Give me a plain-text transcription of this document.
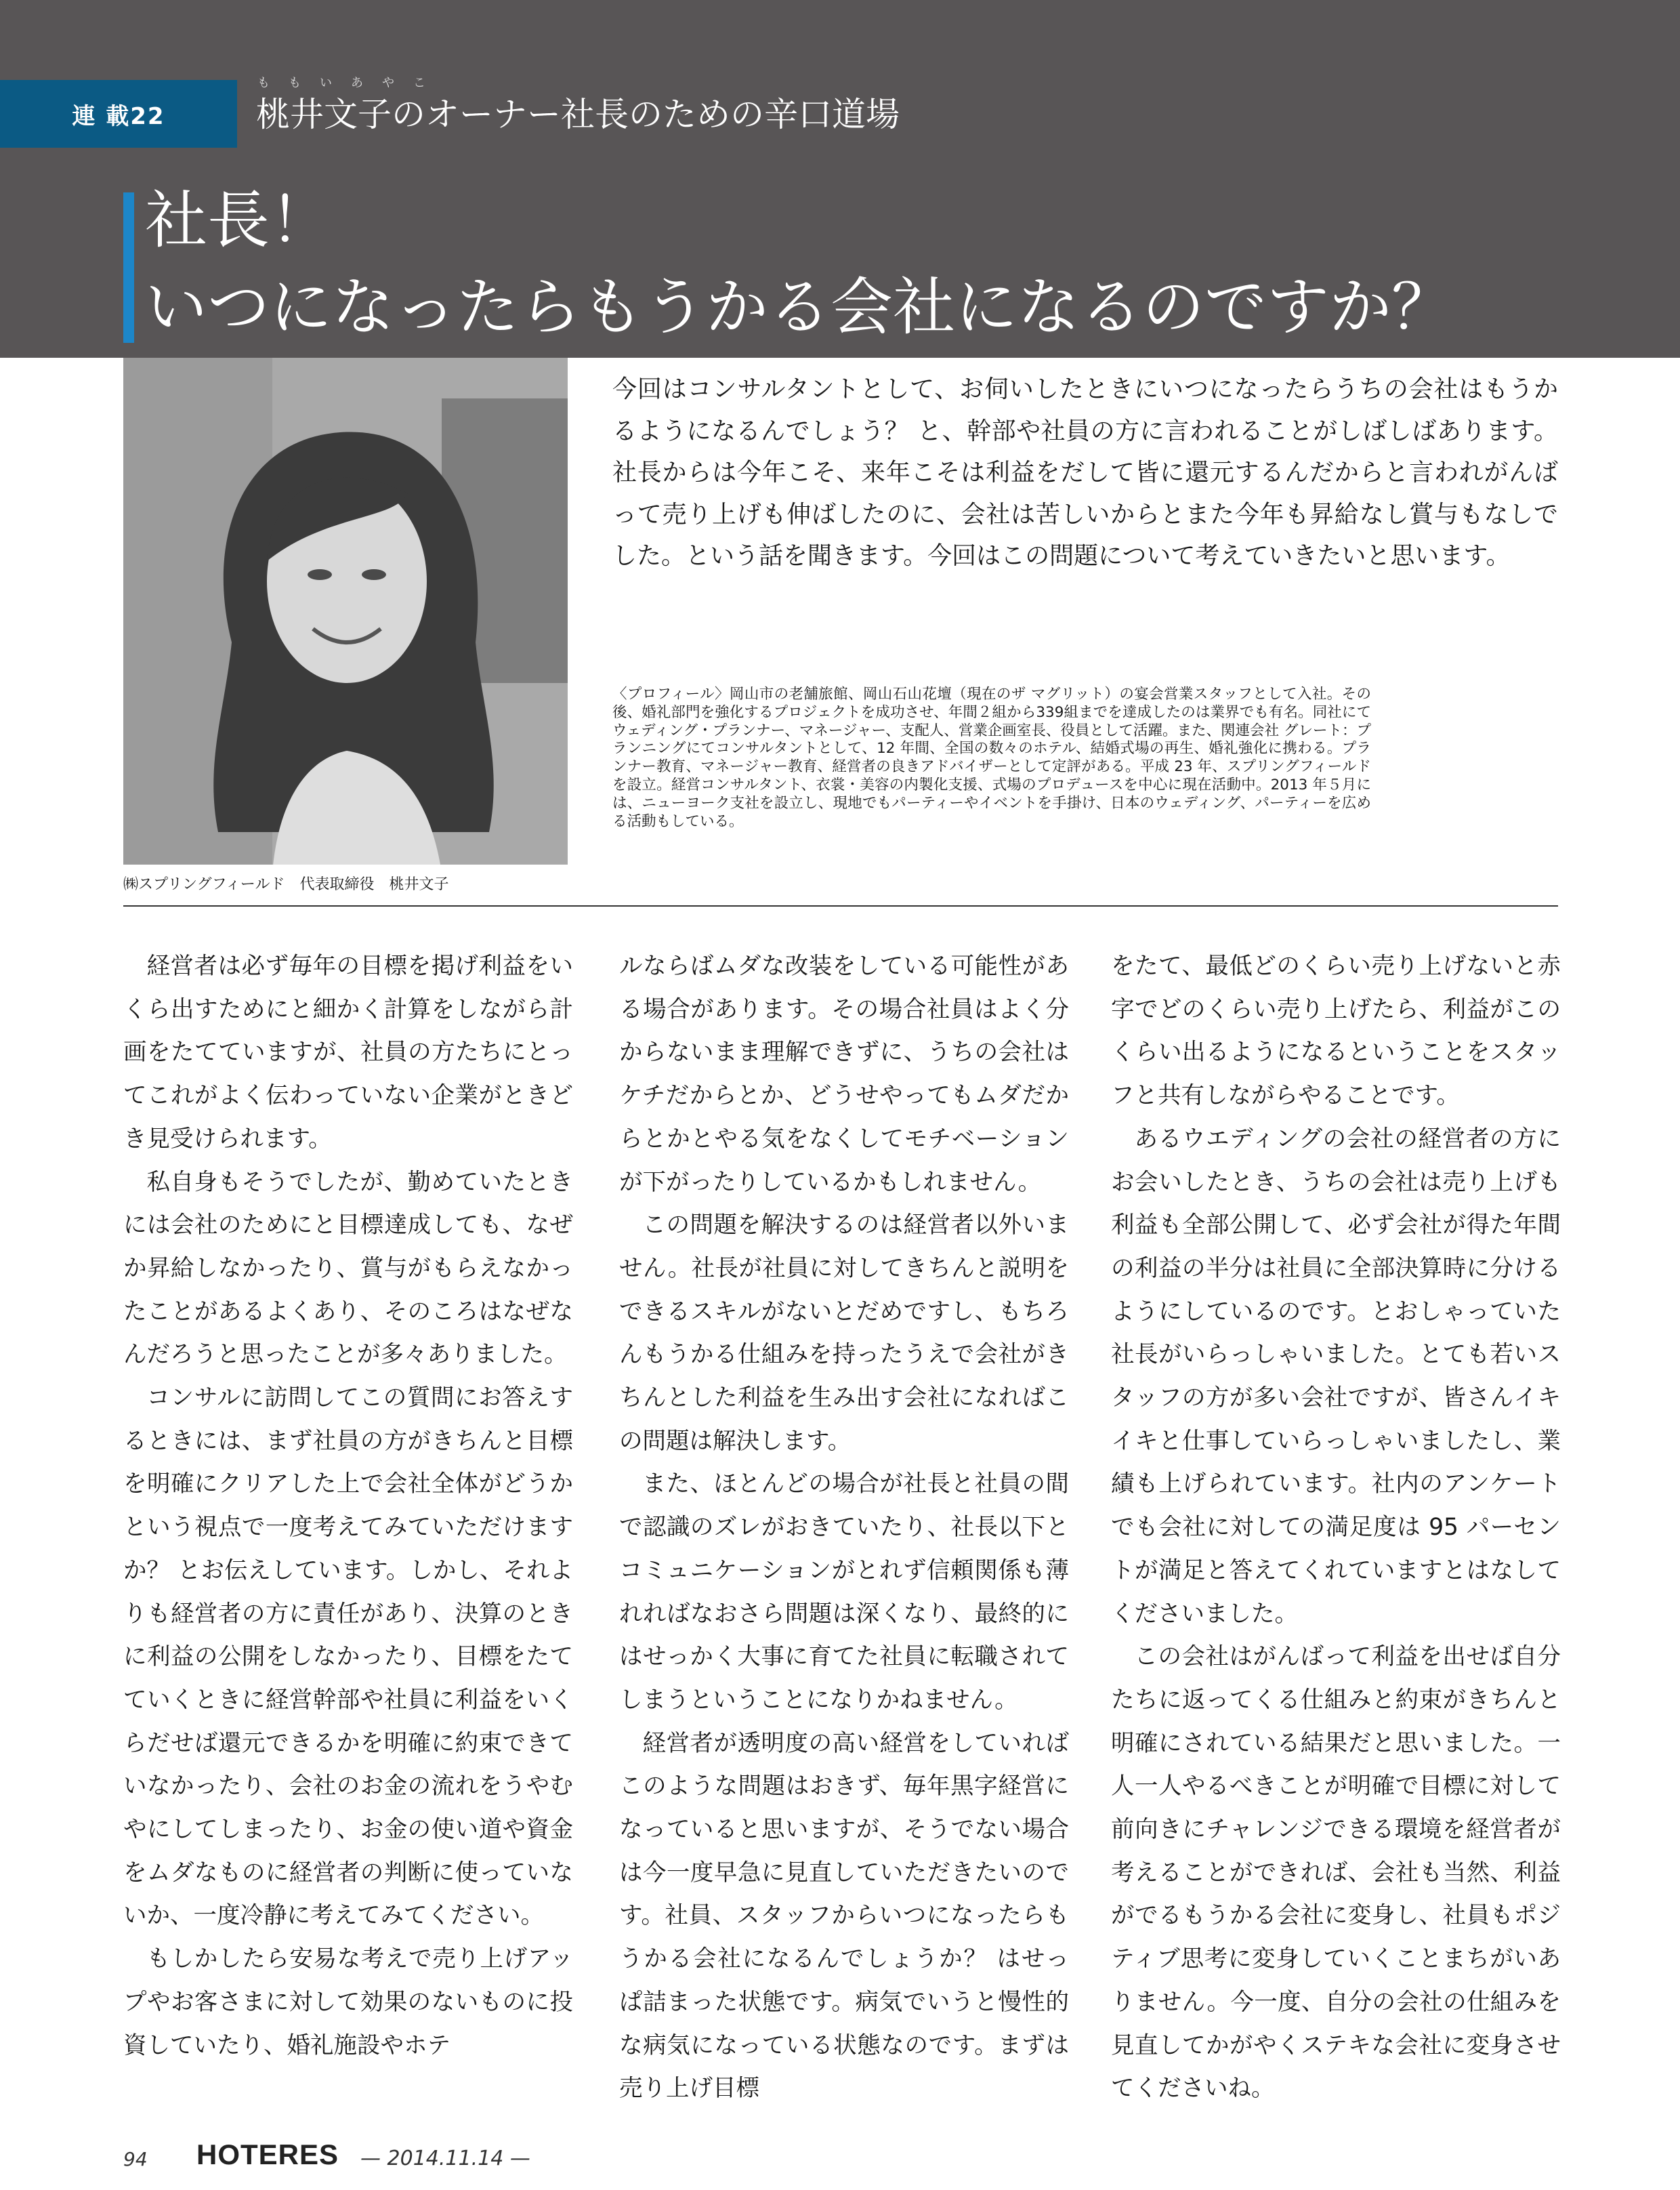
連 載22
ももいあやこ
桃井文子のオーナー社長のための辛口道場
社長！
いつになったらもうかる会社になるのですか？
㈱スプリングフィールド　代表取締役　桃井文子
今回はコンサルタントとして、お伺いしたときにいつになったらうちの会社はもうかるようになるんでしょう？ と、幹部や社員の方に言われることがしばしばあります。社長からは今年こそ、来年こそは利益をだして皆に還元するんだからと言われがんばって売り上げも伸ばしたのに、会社は苦しいからとまた今年も昇給なし賞与もなしでした。という話を聞きます。今回はこの問題について考えていきたいと思います。
〈プロフィール〉岡山市の老舗旅館、岡山石山花壇（現在のザ マグリット）の宴会営業スタッフとして入社。その後、婚礼部門を強化するプロジェクトを成功させ、年間２組から339組までを達成したのは業界でも有名。同社にてウェディング・プランナー、マネージャー、支配人、営業企画室長、役員として活躍。また、関連会社 グレート：プランニングにてコンサルタントとして、12 年間、全国の数々のホテル、結婚式場の再生、婚礼強化に携わる。プランナー教育、マネージャー教育、経営者の良きアドバイザーとして定評がある。平成 23 年、スプリングフィールドを設立。経営コンサルタント、衣裳・美容の内製化支援、式場のプロデュースを中心に現在活動中。2013 年５月には、ニューヨーク支社を設立し、現地でもパーティーやイベントを手掛け、日本のウェディング、パーティーを広める活動もしている。

経営者は必ず毎年の目標を掲げ利益をいくら出すためにと細かく計算をしながら計画をたてていますが、社員の方たちにとってこれがよく伝わっていない企業がときどき見受けられます。

私自身もそうでしたが、勤めていたときには会社のためにと目標達成しても、なぜか昇給しなかったり、賞与がもらえなかったことがあるよくあり、そのころはなぜなんだろうと思ったことが多々ありました。

コンサルに訪問してこの質問にお答えするときには、まず社員の方がきちんと目標を明確にクリアした上で会社全体がどうかという視点で一度考えてみていただけますか？ とお伝えしています。しかし、それよりも経営者の方に責任があり、決算のときに利益の公開をしなかったり、目標をたてていくときに経営幹部や社員に利益をいくらだせば還元できるかを明確に約束できていなかったり、会社のお金の流れをうやむやにしてしまったり、お金の使い道や資金をムダなものに経営者の判断に使っていないか、一度冷静に考えてみてください。

もしかしたら安易な考えで売り上げアップやお客さまに対して効果のないものに投資していたり、婚礼施設やホテ

ルならばムダな改装をしている可能性がある場合があります。その場合社員はよく分からないまま理解できずに、うちの会社はケチだからとか、どうせやってもムダだからとかとやる気をなくしてモチベーションが下がったりしているかもしれません。

この問題を解決するのは経営者以外いません。社長が社員に対してきちんと説明をできるスキルがないとだめですし、もちろんもうかる仕組みを持ったうえで会社がきちんとした利益を生み出す会社になればこの問題は解決します。

また、ほとんどの場合が社長と社員の間で認識のズレがおきていたり、社長以下とコミュニケーションがとれず信頼関係も薄れればなおさら問題は深くなり、最終的にはせっかく大事に育てた社員に転職されてしまうということになりかねません。

経営者が透明度の高い経営をしていればこのような問題はおきず、毎年黒字経営になっていると思いますが、そうでない場合は今一度早急に見直していただきたいのです。社員、スタッフからいつになったらもうかる会社になるんでしょうか？ はせっぱ詰まった状態です。病気でいうと慢性的な病気になっている状態なのです。まずは売り上げ目標

をたて、最低どのくらい売り上げないと赤字でどのくらい売り上げたら、利益がこのくらい出るようになるということをスタッフと共有しながらやることです。

あるウエディングの会社の経営者の方にお会いしたとき、うちの会社は売り上げも利益も全部公開して、必ず会社が得た年間の利益の半分は社員に全部決算時に分けるようにしているのです。とおしゃっていた社長がいらっしゃいました。とても若いスタッフの方が多い会社ですが、皆さんイキイキと仕事していらっしゃいましたし、業績も上げられています。社内のアンケートでも会社に対しての満足度は 95 パーセントが満足と答えてくれていますとはなしてくださいました。

この会社はがんばって利益を出せば自分たちに返ってくる仕組みと約束がきちんと明確にされている結果だと思いました。一人一人やるべきことが明確で目標に対して前向きにチャレンジできる環境を経営者が考えることができれば、会社も当然、利益がでるもうかる会社に変身し、社員もポジティブ思考に変身していくことまちがいありません。今一度、自分の会社の仕組みを見直してかがやくステキな会社に変身させてくださいね。

94 HOTERES — 2014.11.14 —
